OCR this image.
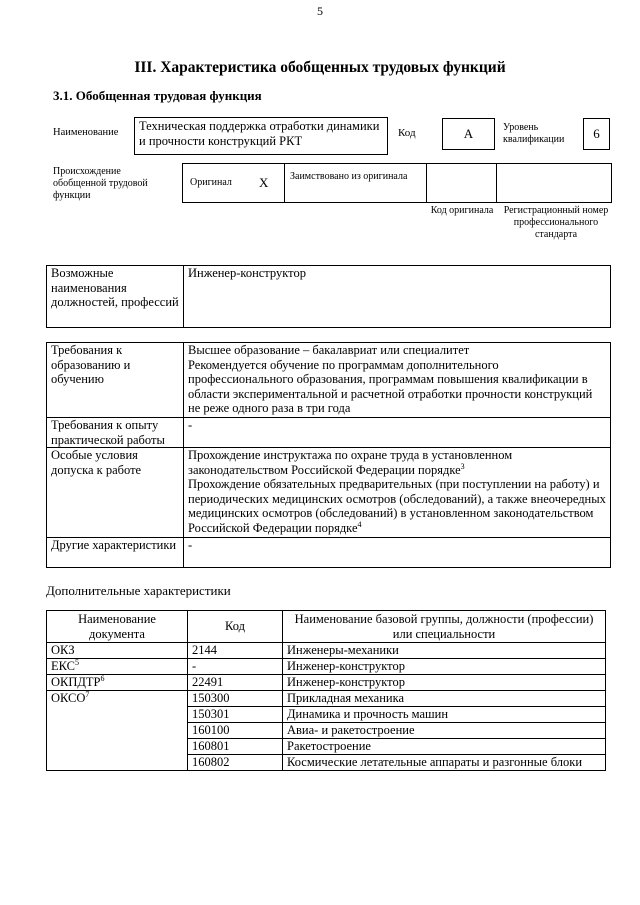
5
III. Характеристика обобщенных трудовых функций
3.1. Обобщенная трудовая функция
Наименование	Техническая поддержка отработки динамики и прочности конструкций РКТ
Код	А	Уровень квалификации	6
Происхождение обобщенной трудовой функции
Оригинал X Заимствовано из оригинала
Код оригинала	Регистрационный номер профессионального стандарта
Возможные наименования должностей, профессий	Инженер-конструктор
Требования к образованию и обучению	Высшее образование – бакалавриат или специалитет
Рекомендуется обучение по программам дополнительного профессионального образования, программам повышения квалификации в области экспериментальной и расчетной отработки прочности конструкций не реже одного раза в три года
Требования к опыту практической работы	-
Особые условия допуска к работе	Прохождение инструктажа по охране труда в установленном законодательством Российской Федерации порядке$^3$
Прохождение обязательных предварительных (при поступлении на работу) и периодических медицинских осмотров (обследований), а также внеочередных медицинских осмотров (обследований) в установленном законодательством Российской Федерации порядке$^4$
Другие характеристики	-
Дополнительные характеристики
Наименование документа	Код	Наименование базовой группы, должности (профессии) или специальности
ОКЗ	2144	Инженеры-механики
ЕКС$^5$	-	Инженер-конструктор
ОКПДТР$^6$	22491	Инженер-конструктор
ОКСО$^7$	150300	Прикладная механика
	150301	Динамика и прочность машин
	160100	Авиа- и ракетостроение
	160801	Ракетостроение
	160802	Космические летательные аппараты и разгонные блоки
